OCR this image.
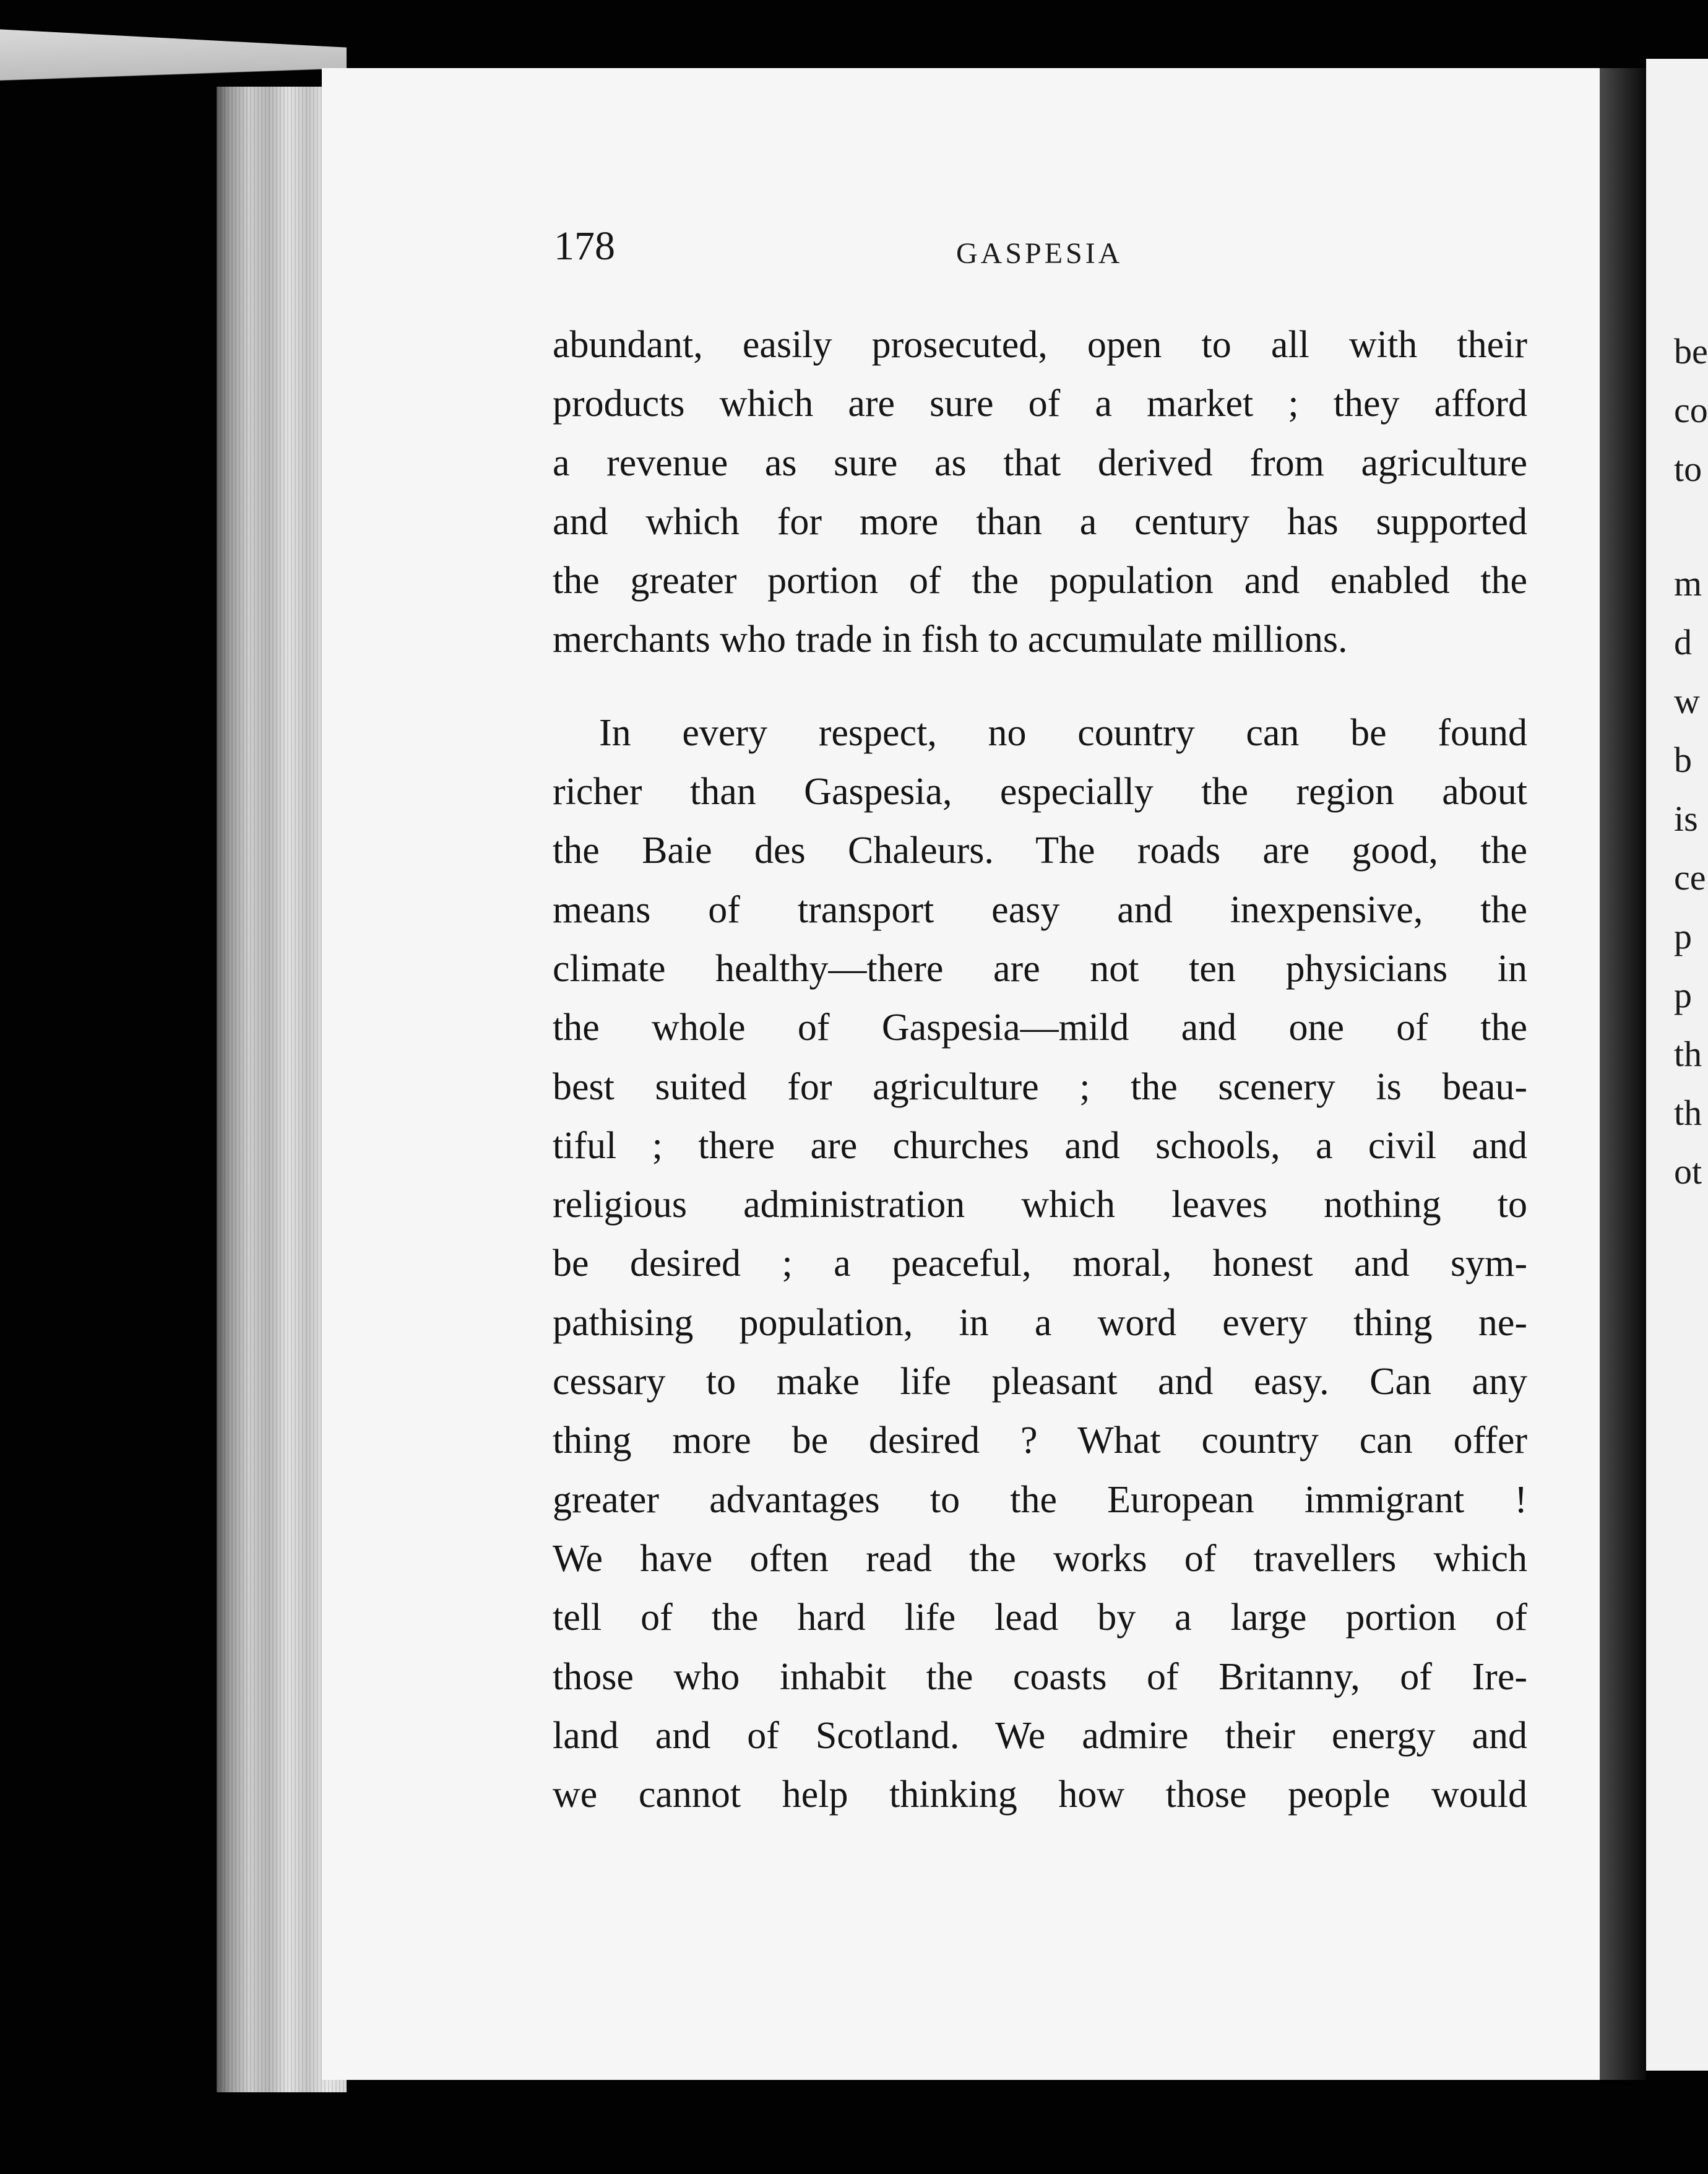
178	GASPESIA
abundant, easily prosecuted, open to all with their
products which are sure of a market ; they afford
a revenue as sure as that derived from agriculture
and which for more than a century has supported
the greater portion of the population and enabled the
merchants who trade in fish to accumulate millions.
In every respect, no country can be found
richer than Gaspesia, especially the region about
the Baie des Chaleurs. The roads are good, the
means of transport easy and inexpensive, the
climate healthy—there are not ten physicians in
the whole of Gaspesia—mild and one of the
best suited for agriculture ; the scenery is beau-
tiful ; there are churches and schools, a civil and
religious administration which leaves nothing to
be desired ; a peaceful, moral, honest and sym-
pathising population, in a word every thing ne-
cessary to make life pleasant and easy. Can any
thing more be desired ? What country can offer
greater advantages to the European immigrant !
We have often read the works of travellers which
tell of the hard life lead by a large portion of
those who inhabit the coasts of Britanny, of Ire-
land and of Scotland. We admire their energy and
we cannot help thinking how those people would
be
co
to
m
d
w
b
is
ce
p
p
th
th
ot
